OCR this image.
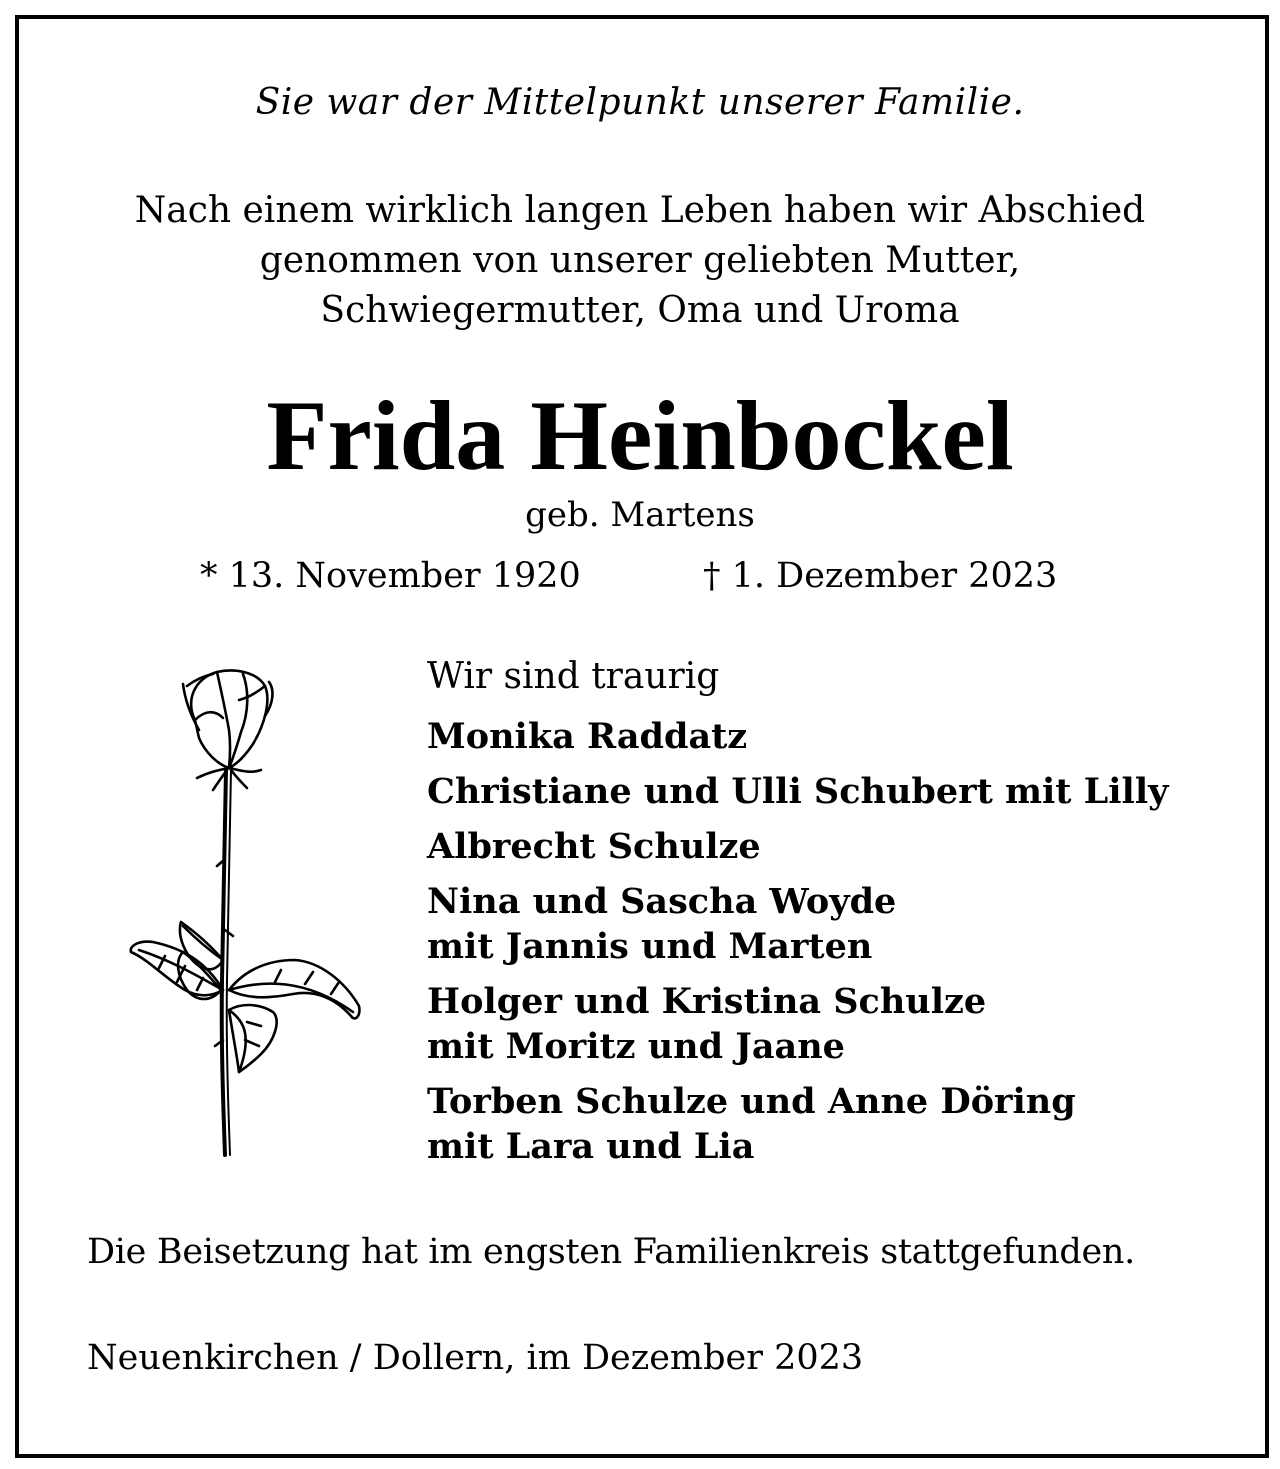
Sie war der Mittelpunkt unserer Familie.
Nach einem wirklich langen Leben haben wir Abschied
genommen von unserer geliebten Mutter,
Schwiegermutter, Oma und Uroma
Frida Heinbockel
geb. Martens
* 13. November 1920	† 1. Dezember 2023
Wir sind traurig
Monika Raddatz
Christiane und Ulli Schubert mit Lilly
Albrecht Schulze
Nina und Sascha Woyde
mit Jannis und Marten
Holger und Kristina Schulze
mit Moritz und Jaane
Torben Schulze und Anne Döring
mit Lara und Lia
Die Beisetzung hat im engsten Familienkreis stattgefunden.
Neuenkirchen / Dollern, im Dezember 2023
